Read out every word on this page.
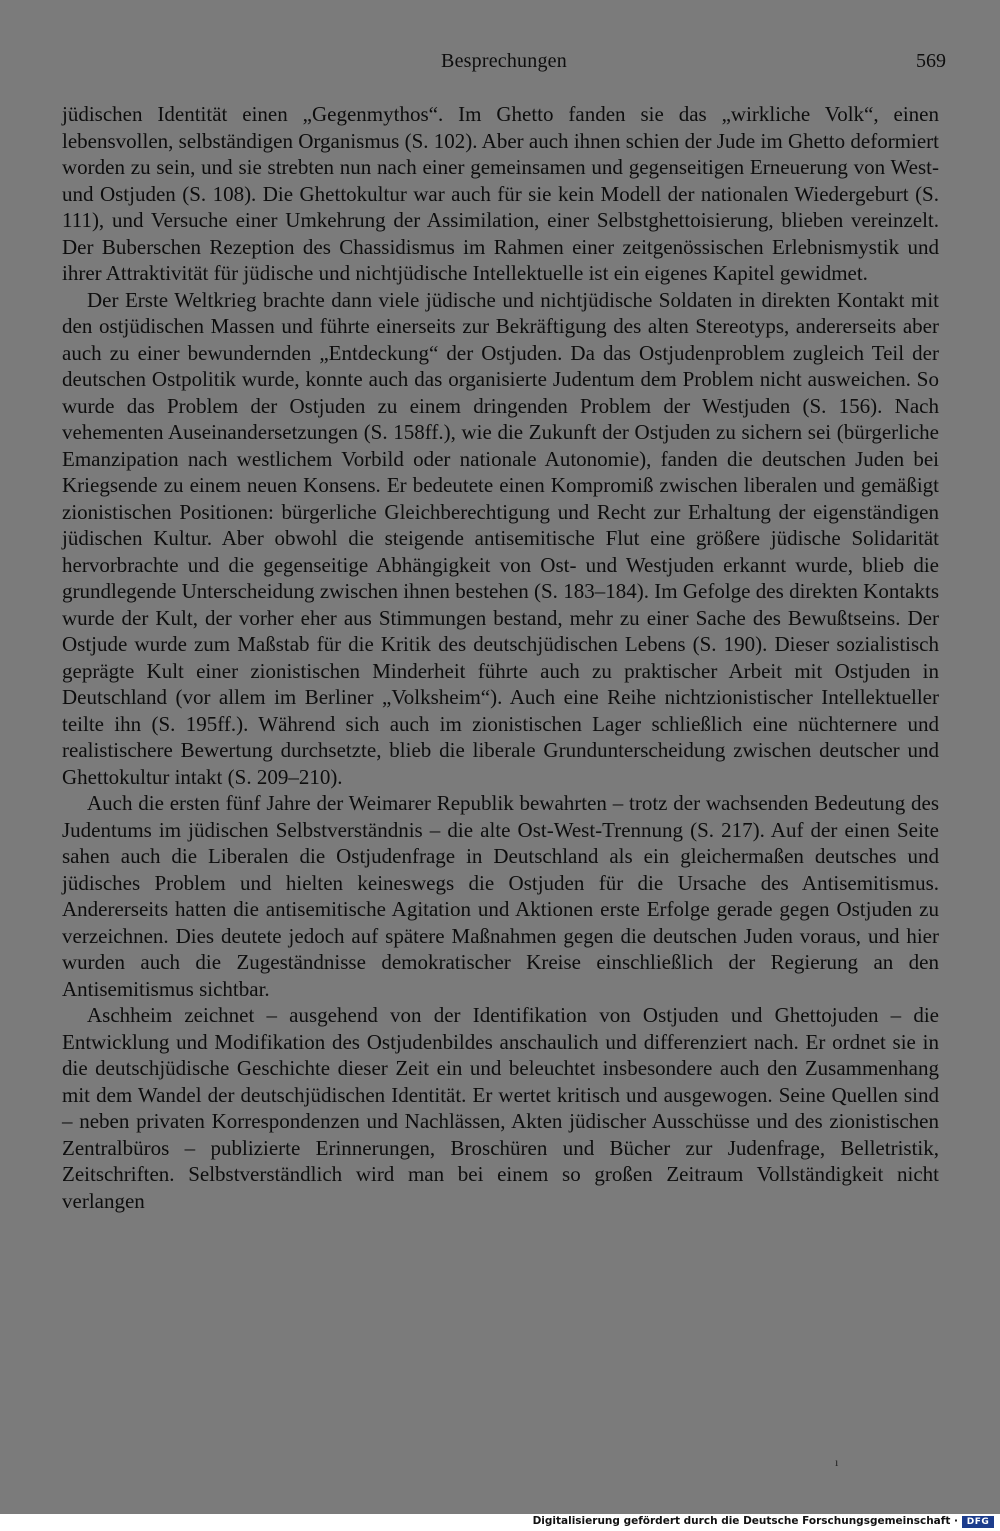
Besprechungen	569

jüdischen Identität einen „Gegenmythos“. Im Ghetto fanden sie das „wirkliche Volk“, einen lebensvollen, selbständigen Organismus (S. 102). Aber auch ihnen schien der Jude im Ghetto deformiert worden zu sein, und sie strebten nun nach einer gemeinsamen und gegenseitigen Erneuerung von West- und Ostjuden (S. 108). Die Ghettokultur war auch für sie kein Modell der nationalen Wiedergeburt (S. 111), und Versuche einer Umkehrung der Assimilation, einer Selbstghettoisierung, blieben vereinzelt. Der Buberschen Rezeption des Chassidismus im Rahmen einer zeitgenössischen Erlebnismystik und ihrer Attraktivität für jüdische und nichtjüdische Intellektuelle ist ein eigenes Kapitel gewidmet.

Der Erste Weltkrieg brachte dann viele jüdische und nichtjüdische Soldaten in direkten Kontakt mit den ostjüdischen Massen und führte einerseits zur Bekräftigung des alten Stereotyps, andererseits aber auch zu einer bewundernden „Entdeckung“ der Ostjuden. Da das Ostjudenproblem zugleich Teil der deutschen Ostpolitik wurde, konnte auch das organisierte Judentum dem Problem nicht ausweichen. So wurde das Problem der Ostjuden zu einem dringenden Problem der Westjuden (S. 156). Nach vehementen Auseinandersetzungen (S. 158ff.), wie die Zukunft der Ostjuden zu sichern sei (bürgerliche Emanzipation nach westlichem Vorbild oder nationale Autonomie), fanden die deutschen Juden bei Kriegsende zu einem neuen Konsens. Er bedeutete einen Kompromiß zwischen liberalen und gemäßigt zionistischen Positionen: bürgerliche Gleichberechtigung und Recht zur Erhaltung der eigenständigen jüdischen Kultur. Aber obwohl die steigende antisemitische Flut eine größere jüdische Solidarität hervorbrachte und die gegenseitige Abhängigkeit von Ost- und Westjuden erkannt wurde, blieb die grundlegende Unterscheidung zwischen ihnen bestehen (S. 183–184). Im Gefolge des direkten Kontakts wurde der Kult, der vorher eher aus Stimmungen bestand, mehr zu einer Sache des Bewußtseins. Der Ostjude wurde zum Maßstab für die Kritik des deutschjüdischen Lebens (S. 190). Dieser sozialistisch geprägte Kult einer zionistischen Minderheit führte auch zu praktischer Arbeit mit Ostjuden in Deutschland (vor allem im Berliner „Volksheim“). Auch eine Reihe nichtzionistischer Intellektueller teilte ihn (S. 195ff.). Während sich auch im zionistischen Lager schließlich eine nüchternere und realistischere Bewertung durchsetzte, blieb die liberale Grundunterscheidung zwischen deutscher und Ghettokultur intakt (S. 209–210).

Auch die ersten fünf Jahre der Weimarer Republik bewahrten – trotz der wachsenden Bedeutung des Judentums im jüdischen Selbstverständnis – die alte Ost-West-Trennung (S. 217). Auf der einen Seite sahen auch die Liberalen die Ostjudenfrage in Deutschland als ein gleichermaßen deutsches und jüdisches Problem und hielten keineswegs die Ostjuden für die Ursache des Antisemitismus. Andererseits hatten die antisemitische Agitation und Aktionen erste Erfolge gerade gegen Ostjuden zu verzeichnen. Dies deutete jedoch auf spätere Maßnahmen gegen die deutschen Juden voraus, und hier wurden auch die Zugeständnisse demokratischer Kreise einschließlich der Regierung an den Antisemitismus sichtbar.

Aschheim zeichnet – ausgehend von der Identifikation von Ostjuden und Ghettojuden – die Entwicklung und Modifikation des Ostjudenbildes anschaulich und differenziert nach. Er ordnet sie in die deutschjüdische Geschichte dieser Zeit ein und beleuchtet insbesondere auch den Zusammenhang mit dem Wandel der deutschjüdischen Identität. Er wertet kritisch und ausgewogen. Seine Quellen sind – neben privaten Korrespondenzen und Nachlässen, Akten jüdischer Ausschüsse und des zionistischen Zentralbüros – publizierte Erinnerungen, Broschüren und Bücher zur Judenfrage, Belletristik, Zeitschriften. Selbstverständlich wird man bei einem so großen Zeitraum Vollständigkeit nicht verlangen

ı
Digitalisierung gefördert durch die Deutsche Forschungsgemeinschaft · DFG
